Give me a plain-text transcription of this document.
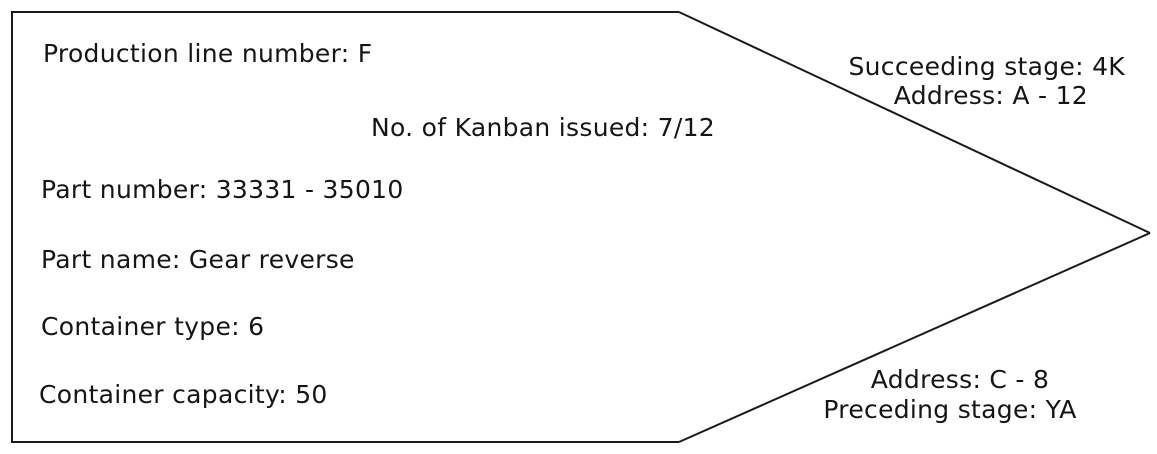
Production line number: F
No. of Kanban issued: 7/12
Part number: 33331 - 35010
Part name: Gear reverse
Container type: 6
Container capacity: 50
Succeeding stage: 4K
Address: A - 12
Address: C - 8
Preceding stage: YA
